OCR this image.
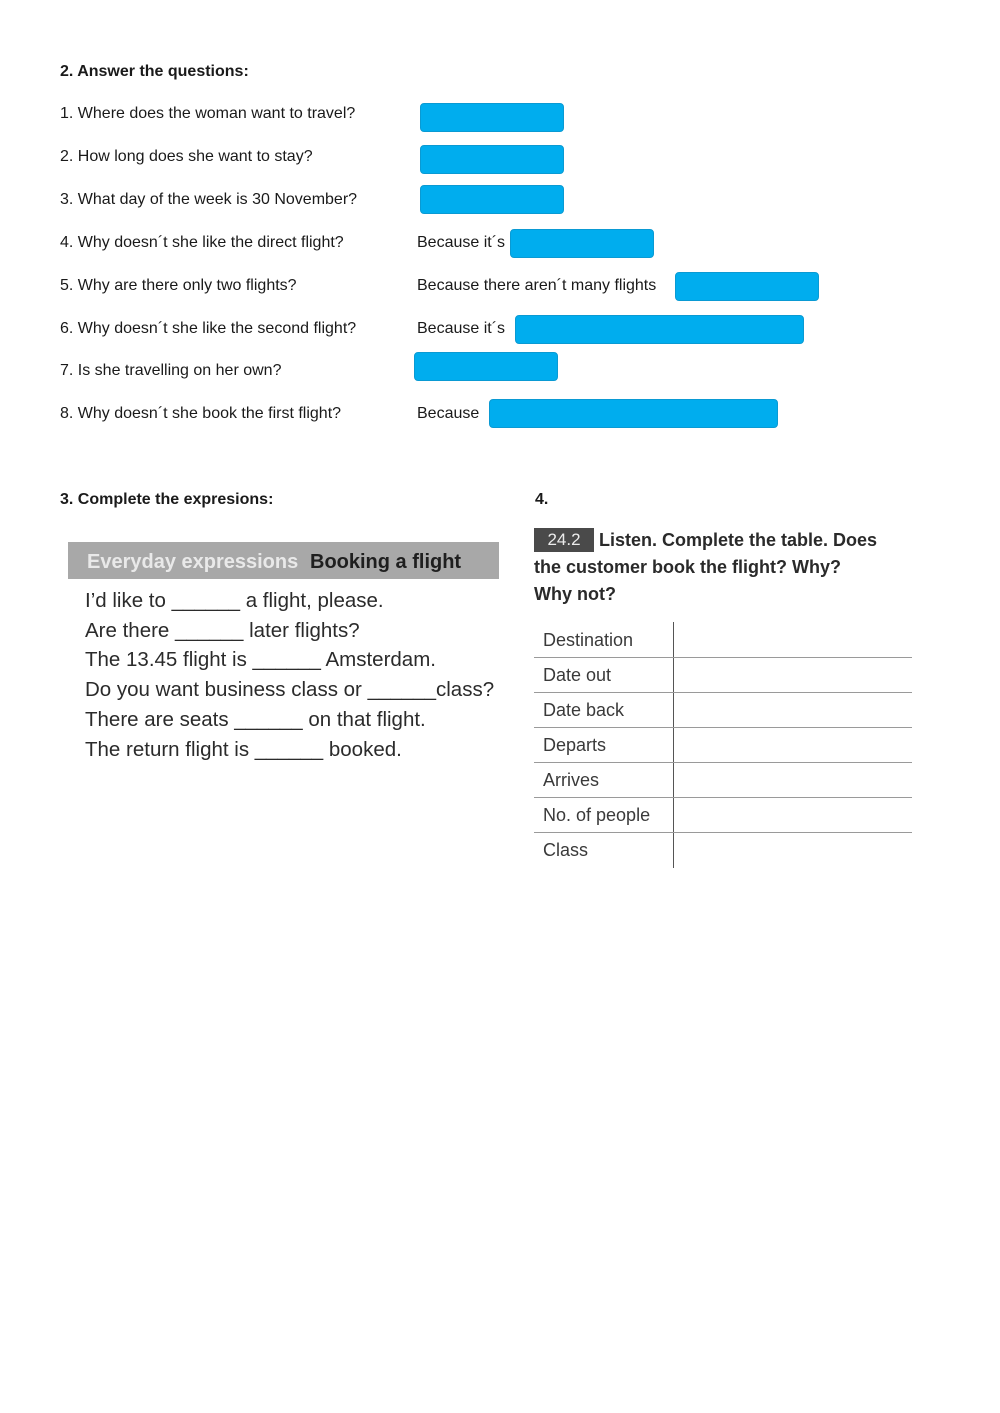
2. Answer the questions:
1. Where does the woman want to travel?
2. How long does she want to stay?
3. What day of the week is 30 November?
4. Why doesn´t she like the direct flight?	Because it´s
5. Why are there only two flights?	Because there aren´t many flights
6. Why doesn´t she like the second flight?	Because it´s
7. Is she travelling on her own?
8. Why doesn´t she book the first flight?	Because
3. Complete the expresions:
Everyday expressions Booking a flight
I’d like to ______ a flight, please.
Are there ______ later flights?
The 13.45 flight is ______ Amsterdam.
Do you want business class or ______class?
There are seats ______ on that flight.
The return flight is ______ booked.
4.
24.2	Listen. Complete the table. Does
the customer book the flight? Why?
Why not?
Destination
Date out
Date back
Departs
Arrives
No. of people
Class
